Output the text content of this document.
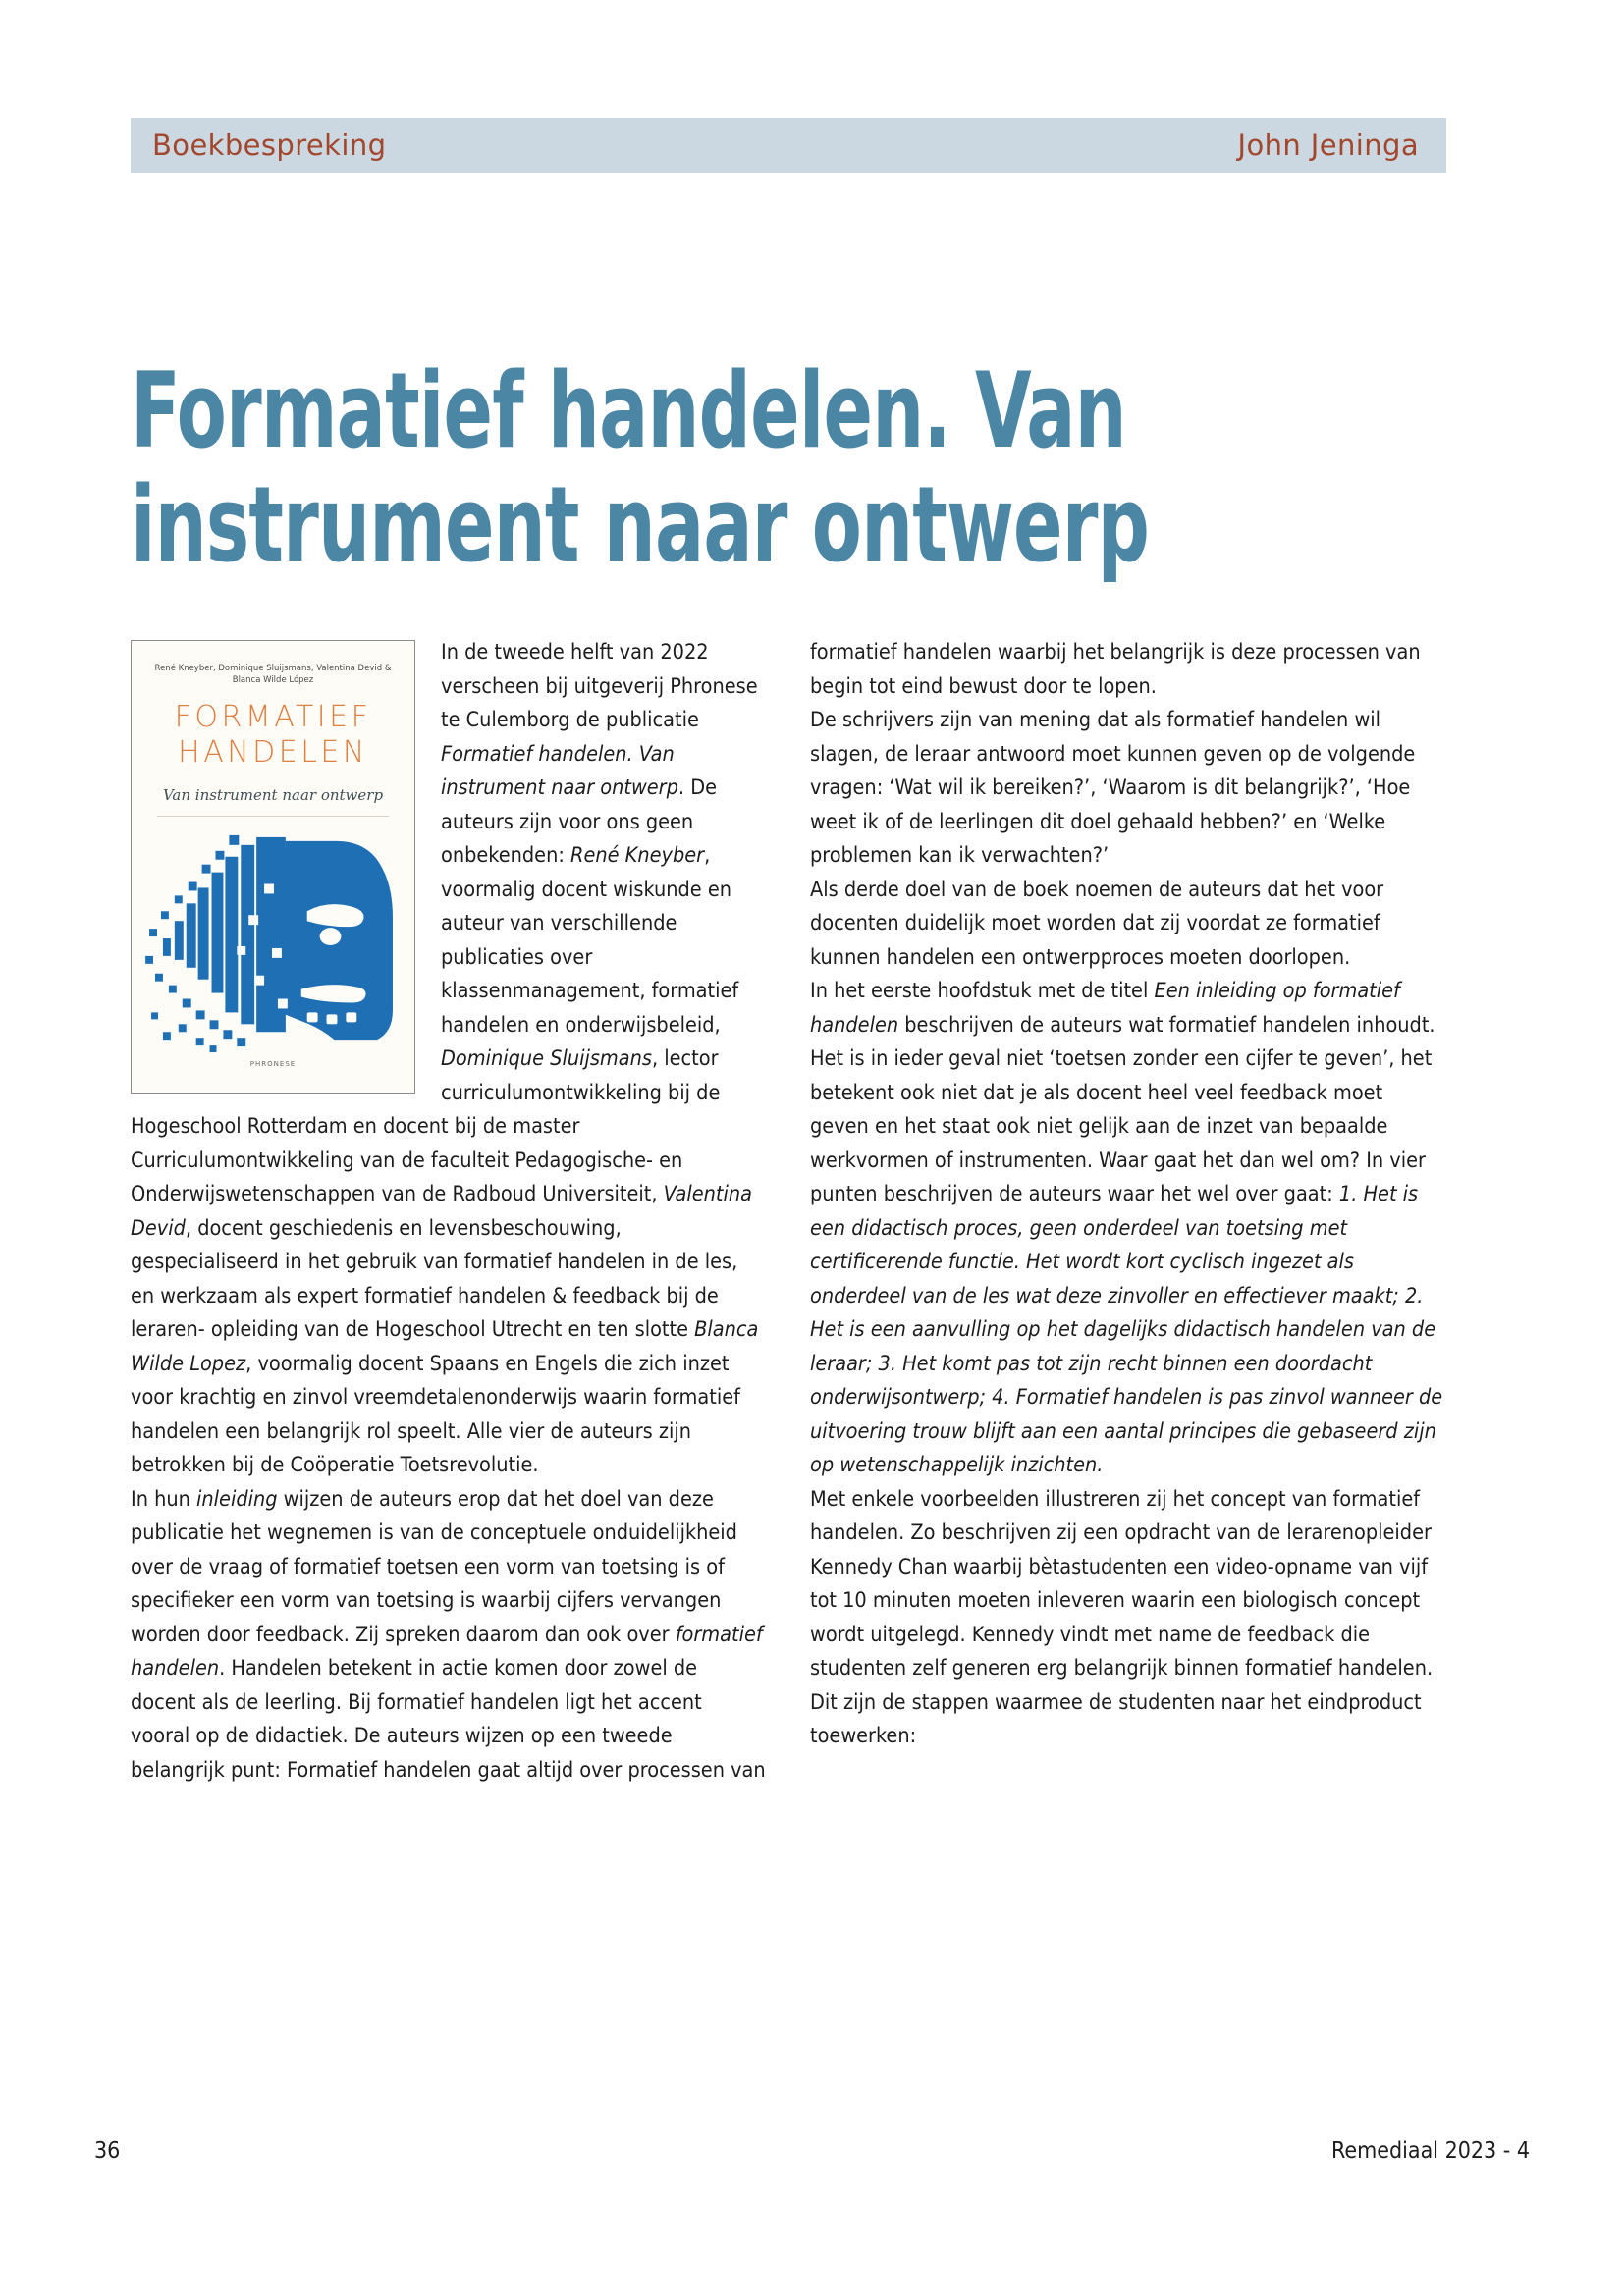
Boekbespreking	John Jeninga
Formatief handelen. Van
instrument naar ontwerp
René Kneyber, Dominique Sluijsmans, Valentina Devid & Blanca Wilde López
FORMATIEF
HANDELEN
Van instrument naar ontwerp
PHRONESE

In de tweede helft van 2022 verscheen bij uitgeverij Phronese te Culemborg de publicatie Formatief handelen. Van instrument naar ontwerp. De auteurs zijn voor ons geen onbekenden: René Kneyber, voormalig docent wiskunde en auteur van verschillende publicaties over klassenmanagement, formatief handelen en onderwijsbeleid, Dominique Sluijsmans, lector curriculumontwikkeling bij de Hogeschool Rotterdam en docent bij de master Curriculumontwikkeling van de faculteit Pedagogische- en Onderwijswetenschappen van de Radboud Universiteit, Valentina Devid, docent geschiedenis en levensbeschouwing, gespecialiseerd in het gebruik van formatief handelen in de les, en werkzaam als expert formatief handelen & feedback bij de leraren- opleiding van de Hogeschool Utrecht en ten slotte Blanca Wilde Lopez, voormalig docent Spaans en Engels die zich inzet voor krachtig en zinvol vreemdetalenonderwijs waarin formatief handelen een belangrijk rol speelt. Alle vier de auteurs zijn betrokken bij de Coöperatie Toetsrevolutie.

In hun inleiding wijzen de auteurs erop dat het doel van deze publicatie het wegnemen is van de conceptuele onduidelijkheid over de vraag of formatief toetsen een vorm van toetsing is of specifieker een vorm van toetsing is waarbij cijfers vervangen worden door feedback. Zij spreken daarom dan ook over formatief handelen. Handelen betekent in actie komen door zowel de docent als de leerling. Bij formatief handelen ligt het accent vooral op de didactiek. De auteurs wijzen op een tweede belangrijk punt: Formatief handelen gaat altijd over processen van

formatief handelen waarbij het belangrijk is deze processen van begin tot eind bewust door te lopen.

De schrijvers zijn van mening dat als formatief handelen wil slagen, de leraar antwoord moet kunnen geven op de volgende vragen: ‘Wat wil ik bereiken?’, ‘Waarom is dit belangrijk?’, ‘Hoe weet ik of de leerlingen dit doel gehaald hebben?’ en ‘Welke problemen kan ik verwachten?’

Als derde doel van de boek noemen de auteurs dat het voor docenten duidelijk moet worden dat zij voordat ze formatief kunnen handelen een ontwerpproces moeten doorlopen.

In het eerste hoofdstuk met de titel Een inleiding op formatief handelen beschrijven de auteurs wat formatief handelen inhoudt. Het is in ieder geval niet ‘toetsen zonder een cijfer te geven’, het betekent ook niet dat je als docent heel veel feedback moet geven en het staat ook niet gelijk aan de inzet van bepaalde werkvormen of instrumenten. Waar gaat het dan wel om? In vier punten beschrijven de auteurs waar het wel over gaat: 1. Het is een didactisch proces, geen onderdeel van toetsing met certificerende functie. Het wordt kort cyclisch ingezet als onderdeel van de les wat deze zinvoller en effectiever maakt; 2. Het is een aanvulling op het dagelijks didactisch handelen van de leraar; 3. Het komt pas tot zijn recht binnen een doordacht onderwijsontwerp; 4. Formatief handelen is pas zinvol wanneer de uitvoering trouw blijft aan een aantal principes die gebaseerd zijn op wetenschappelijk inzichten.

Met enkele voorbeelden illustreren zij het concept van formatief handelen. Zo beschrijven zij een opdracht van de lerarenopleider Kennedy Chan waarbij bètastudenten een video-opname van vijf tot 10 minuten moeten inleveren waarin een biologisch concept wordt uitgelegd. Kennedy vindt met name de feedback die studenten zelf generen erg belangrijk binnen formatief handelen. Dit zijn de stappen waarmee de studenten naar het eindproduct toewerken:

36	Remediaal 2023 - 4
